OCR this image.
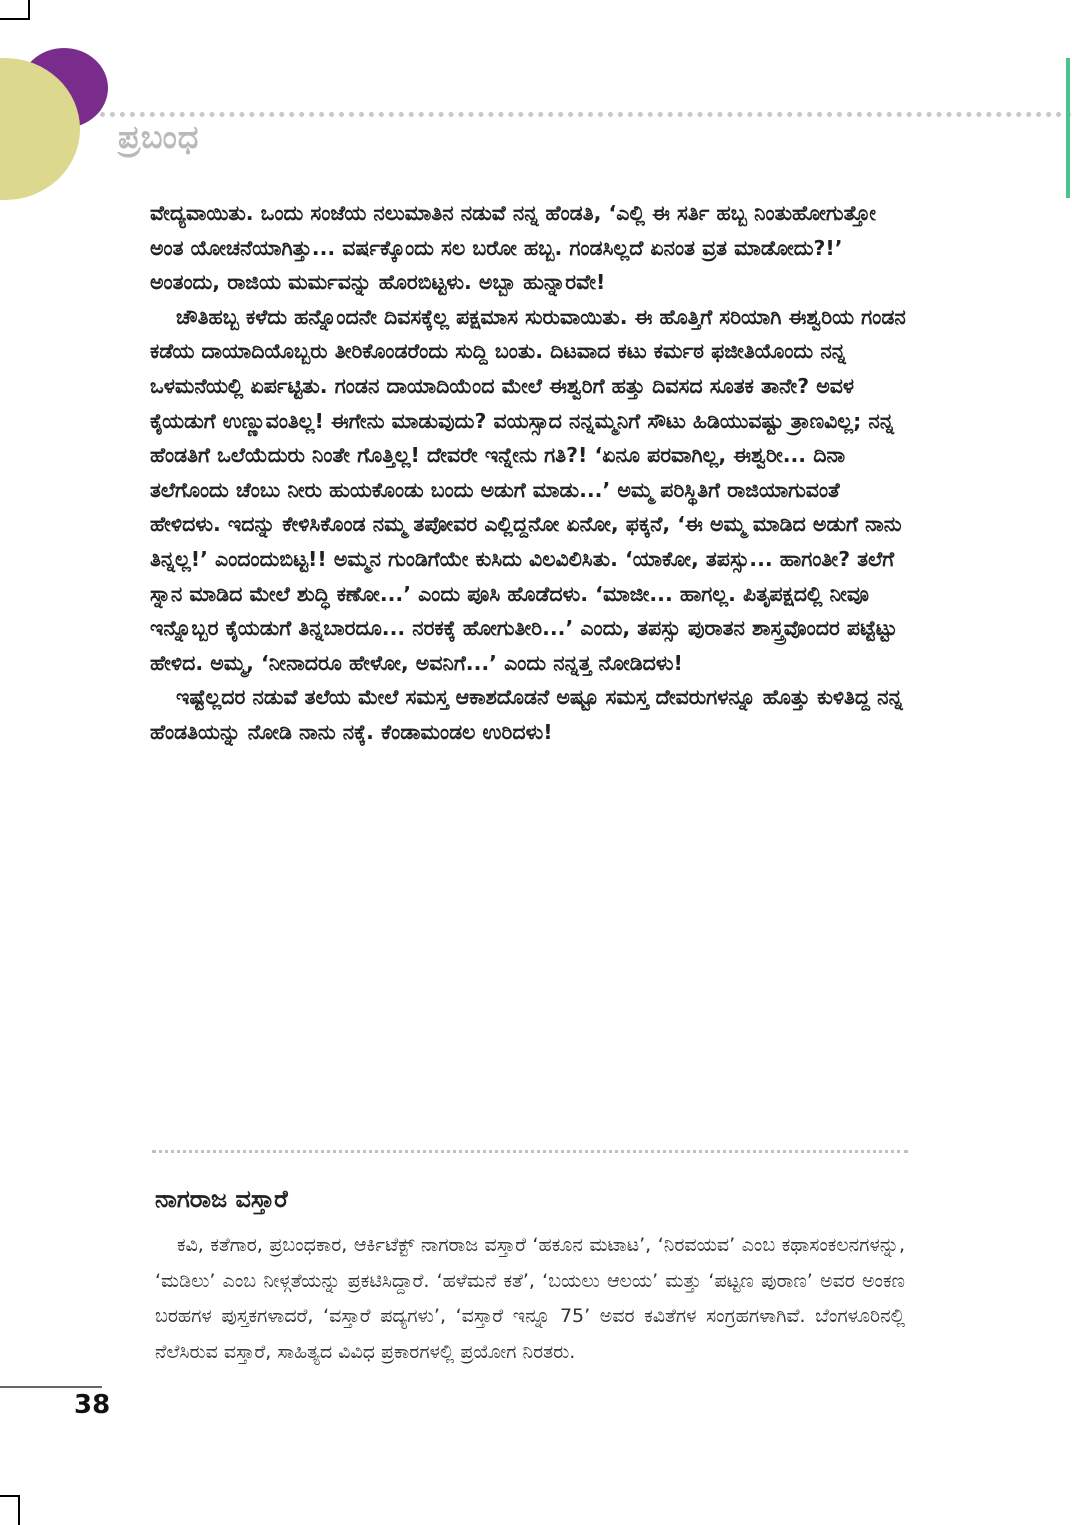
ಪ್ರಬಂಧ

ವೇದ್ಯವಾಯಿತು. ಒಂದು ಸಂಜೆಯ ನಲುಮಾತಿನ ನಡುವೆ ನನ್ನ ಹೆಂಡತಿ, ‘ಎಲ್ಲಿ ಈ ಸರ್ತಿ ಹಬ್ಬ ನಿಂತುಹೋಗುತ್ತೋ ಅಂತ ಯೋಚನೆಯಾಗಿತ್ತು... ವರ್ಷಕ್ಕೊಂದು ಸಲ ಬರೋ ಹಬ್ಬ. ಗಂಡಸಿಲ್ಲದೆ ಏನಂತ ವ್ರತ ಮಾಡೋದು?!’ ಅಂತಂದು, ರಾಜಿಯ ಮರ್ಮವನ್ನು ಹೊರಬಿಟ್ಟಳು. ಅಬ್ಬಾ ಹುನ್ನಾರವೇ!

ಚೌತಿಹಬ್ಬ ಕಳೆದು ಹನ್ನೊಂದನೇ ದಿವಸಕ್ಕೆಲ್ಲ ಪಕ್ಷಮಾಸ ಸುರುವಾಯಿತು. ಈ ಹೊತ್ತಿಗೆ ಸರಿಯಾಗಿ ಈಶ್ವರಿಯ ಗಂಡನ ಕಡೆಯ ದಾಯಾದಿಯೊಬ್ಬರು ತೀರಿಕೊಂಡರೆಂದು ಸುದ್ದಿ ಬಂತು. ದಿಟವಾದ ಕಟು ಕರ್ಮಠ ಫಜೀತಿಯೊಂದು ನನ್ನ ಒಳಮನೆಯಲ್ಲಿ ಏರ್ಪಟ್ಟಿತು. ಗಂಡನ ದಾಯಾದಿಯೆಂದ ಮೇಲೆ ಈಶ್ವರಿಗೆ ಹತ್ತು ದಿವಸದ ಸೂತಕ ತಾನೇ? ಅವಳ ಕೈಯಡುಗೆ ಉಣ್ಣುವಂತಿಲ್ಲ! ಈಗೇನು ಮಾಡುವುದು? ವಯಸ್ಸಾದ ನನ್ನಮ್ಮನಿಗೆ ಸೌಟು ಹಿಡಿಯುವಷ್ಟು ತ್ರಾಣವಿಲ್ಲ; ನನ್ನ ಹೆಂಡತಿಗೆ ಒಲೆಯೆದುರು ನಿಂತೇ ಗೊತ್ತಿಲ್ಲ! ದೇವರೇ ಇನ್ನೇನು ಗತಿ?! ‘ಏನೂ ಪರವಾಗಿಲ್ಲ, ಈಶ್ವರೀ... ದಿನಾ ತಲೆಗೊಂದು ಚೆಂಬು ನೀರು ಹುಯಕೊಂಡು ಬಂದು ಅಡುಗೆ ಮಾಡು...’ ಅಮ್ಮ ಪರಿಸ್ಥಿತಿಗೆ ರಾಜಿಯಾಗುವಂತೆ ಹೇಳಿದಳು. ಇದನ್ನು ಕೇಳಿಸಿಕೊಂಡ ನಮ್ಮ ತಪೋವರ ಎಲ್ಲಿದ್ದನೋ ಏನೋ, ಫಕ್ಕನೆ, ‘ಈ ಅಮ್ಮ ಮಾಡಿದ ಅಡುಗೆ ನಾನು ತಿನ್ನಲ್ಲ!’ ಎಂದಂದುಬಿಟ್ಟ!! ಅಮ್ಮನ ಗುಂಡಿಗೆಯೇ ಕುಸಿದು ವಿಲವಿಲಿಸಿತು. ‘ಯಾಕೋ, ತಪಸ್ಸು... ಹಾಗಂತೀ? ತಲೆಗೆ ಸ್ನಾನ ಮಾಡಿದ ಮೇಲೆ ಶುದ್ಧಿ ಕಣೋ...’ ಎಂದು ಪೂಸಿ ಹೊಡೆದಳು. ‘ಮಾಜೀ... ಹಾಗಲ್ಲ. ಪಿತೃಪಕ್ಷದಲ್ಲಿ ನೀವೂ ಇನ್ನೊಬ್ಬರ ಕೈಯಡುಗೆ ತಿನ್ನಬಾರದೂ... ನರಕಕ್ಕೆ ಹೋಗುತೀರಿ...’ ಎಂದು, ತಪಸ್ಸು ಪುರಾತನ ಶಾಸ್ತ್ರವೊಂದರ ಪಟ್ಟೆಟ್ಟು ಹೇಳಿದ. ಅಮ್ಮ, ‘ನೀನಾದರೂ ಹೇಳೋ, ಅವನಿಗೆ...’ ಎಂದು ನನ್ನತ್ತ ನೋಡಿದಳು!

ಇಷ್ಟೆಲ್ಲದರ ನಡುವೆ ತಲೆಯ ಮೇಲೆ ಸಮಸ್ತ ಆಕಾಶದೊಡನೆ ಅಷ್ಟೂ ಸಮಸ್ತ ದೇವರುಗಳನ್ನೂ ಹೊತ್ತು ಕುಳಿತಿದ್ದ ನನ್ನ ಹೆಂಡತಿಯನ್ನು ನೋಡಿ ನಾನು ನಕ್ಕೆ. ಕೆಂಡಾಮಂಡಲ ಉರಿದಳು!

ನಾಗರಾಜ ವಸ್ತಾರೆ
ಕವಿ, ಕತೆಗಾರ, ಪ್ರಬಂಧಕಾರ, ಆರ್ಕಿಟೆಕ್ಟ್ ನಾಗರಾಜ ವಸ್ತಾರೆ ‘ಹಕೂನ ಮಟಾಟ’, ‘ನಿರವಯವ’ ಎಂಬ ಕಥಾಸಂಕಲನಗಳನ್ನು, ‘ಮಡಿಲು’ ಎಂಬ ನೀಳ್ಗತೆಯನ್ನು ಪ್ರಕಟಿಸಿದ್ದಾರೆ. ‘ಹಳೆಮನೆ ಕತೆ’, ‘ಬಯಲು ಆಲಯ’ ಮತ್ತು ‘ಪಟ್ಟಣ ಪುರಾಣ’ ಅವರ ಅಂಕಣ ಬರಹಗಳ ಪುಸ್ತಕಗಳಾದರೆ, ‘ವಸ್ತಾರೆ ಪದ್ಯಗಳು’, ‘ವಸ್ತಾರೆ ಇನ್ನೂ 75’ ಅವರ ಕವಿತೆಗಳ ಸಂಗ್ರಹಗಳಾಗಿವೆ. ಬೆಂಗಳೂರಿನಲ್ಲಿ ನೆಲೆಸಿರುವ ವಸ್ತಾರೆ, ಸಾಹಿತ್ಯದ ವಿವಿಧ ಪ್ರಕಾರಗಳಲ್ಲಿ ಪ್ರಯೋಗ ನಿರತರು.
38
